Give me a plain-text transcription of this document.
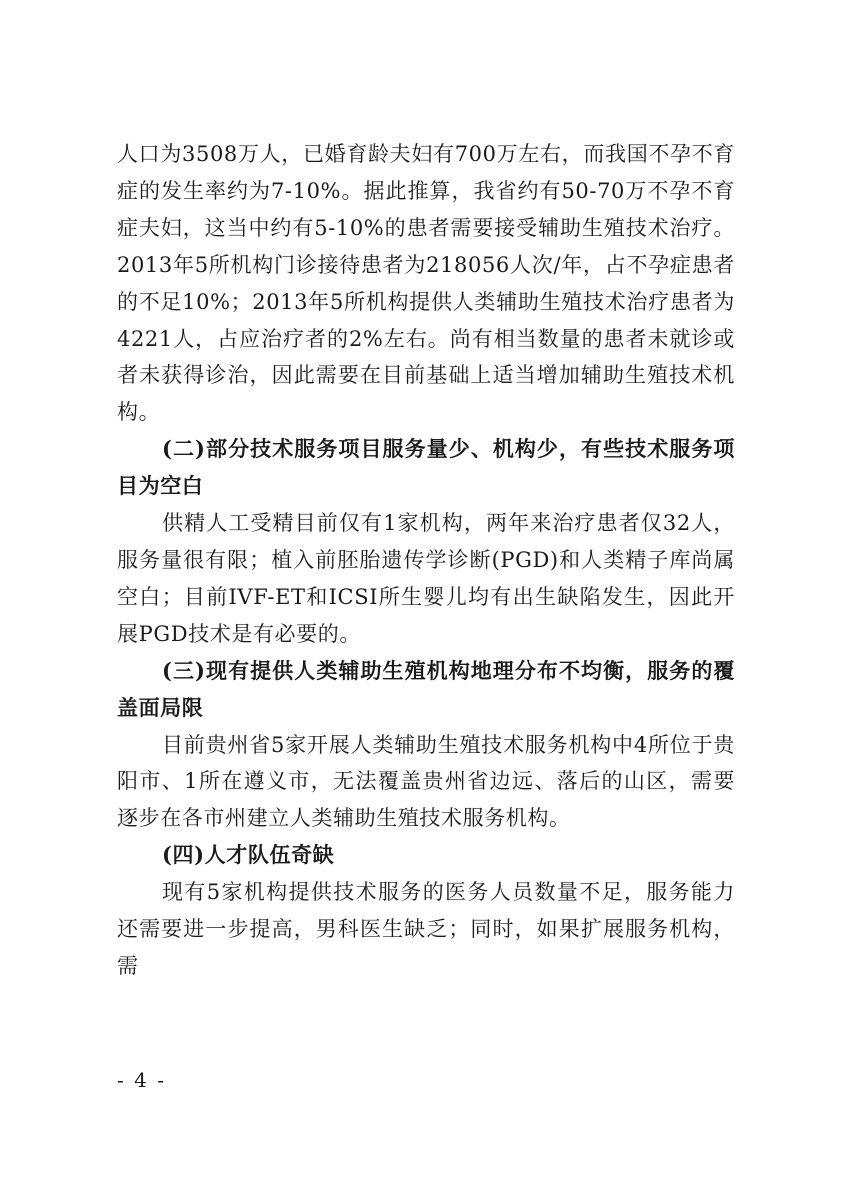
人口为3508万人，已婚育龄夫妇有700万左右，而我国不孕不育症的发生率约为7-10%。据此推算，我省约有50-70万不孕不育症夫妇，这当中约有5-10%的患者需要接受辅助生殖技术治疗。2013年5所机构门诊接待患者为218056人次/年，占不孕症患者的不足10%；2013年5所机构提供人类辅助生殖技术治疗患者为4221人，占应治疗者的2%左右。尚有相当数量的患者未就诊或者未获得诊治，因此需要在目前基础上适当增加辅助生殖技术机构。

(二)部分技术服务项目服务量少、机构少，有些技术服务项目为空白

供精人工受精目前仅有1家机构，两年来治疗患者仅32人，服务量很有限；植入前胚胎遗传学诊断(PGD)和人类精子库尚属空白；目前IVF-ET和ICSI所生婴儿均有出生缺陷发生，因此开展PGD技术是有必要的。

(三)现有提供人类辅助生殖机构地理分布不均衡，服务的覆盖面局限

目前贵州省5家开展人类辅助生殖技术服务机构中4所位于贵阳市、1所在遵义市，无法覆盖贵州省边远、落后的山区，需要逐步在各市州建立人类辅助生殖技术服务机构。

(四)人才队伍奇缺

现有5家机构提供技术服务的医务人员数量不足，服务能力还需要进一步提高，男科医生缺乏；同时，如果扩展服务机构，需

- 4 -
